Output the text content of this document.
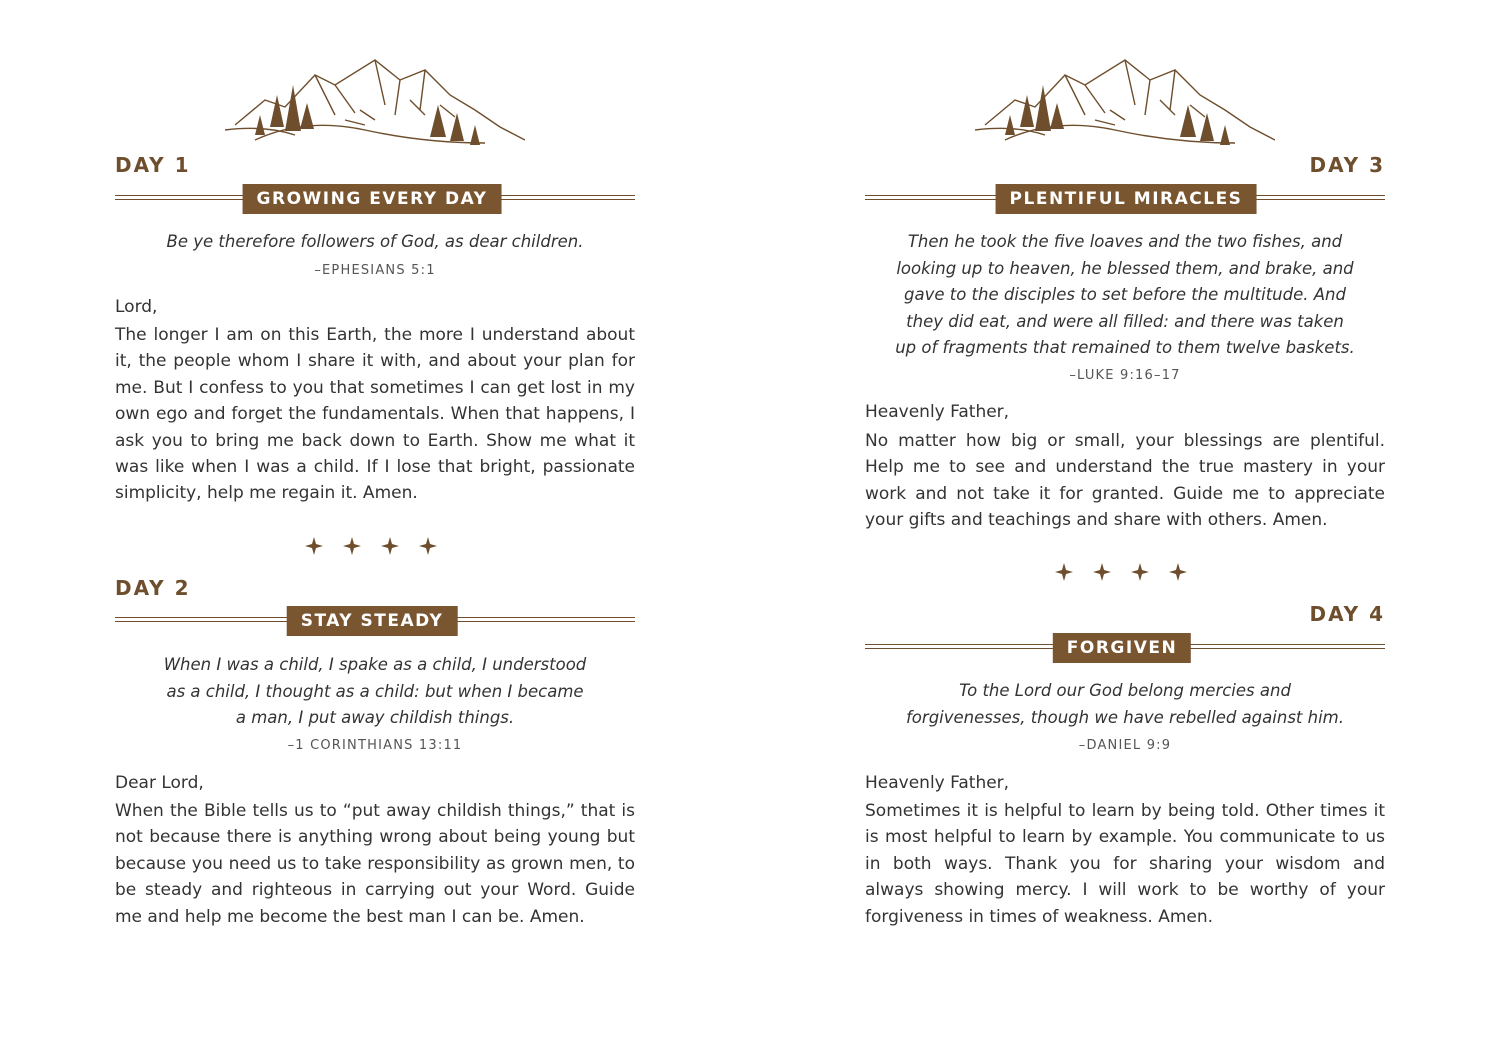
DAY 1
GROWING EVERY DAY
Be ye therefore followers of God, as dear children.
–EPHESIANS 5:1
Lord,
The longer I am on this Earth, the more I understand about it, the people whom I share it with, and about your plan for me. But I confess to you that sometimes I can get lost in my own ego and forget the fundamentals. When that happens, I ask you to bring me back down to Earth. Show me what it was like when I was a child. If I lose that bright, passionate simplicity, help me regain it. Amen.
DAY 2
STAY STEADY
When I was a child, I spake as a child, I understood
as a child, I thought as a child: but when I became
a man, I put away childish things.
–1 CORINTHIANS 13:11
Dear Lord,
When the Bible tells us to “put away childish things,” that is not because there is anything wrong about being young but because you need us to take responsibility as grown men, to be steady and righteous in carrying out your Word. Guide me and help me become the best man I can be. Amen.
DAY 3
PLENTIFUL MIRACLES
Then he took the five loaves and the two fishes, and
looking up to heaven, he blessed them, and brake, and
gave to the disciples to set before the multitude. And
they did eat, and were all filled: and there was taken
up of fragments that remained to them twelve baskets.
–LUKE 9:16–17
Heavenly Father,
No matter how big or small, your blessings are plentiful. Help me to see and understand the true mastery in your work and not take it for granted. Guide me to appreciate your gifts and teachings and share with others. Amen.
DAY 4
FORGIVEN
To the Lord our God belong mercies and
forgivenesses, though we have rebelled against him.
–DANIEL 9:9
Heavenly Father,
Sometimes it is helpful to learn by being told. Other times it is most helpful to learn by example. You communicate to us in both ways. Thank you for sharing your wisdom and always showing mercy. I will work to be worthy of your forgiveness in times of weakness. Amen.
